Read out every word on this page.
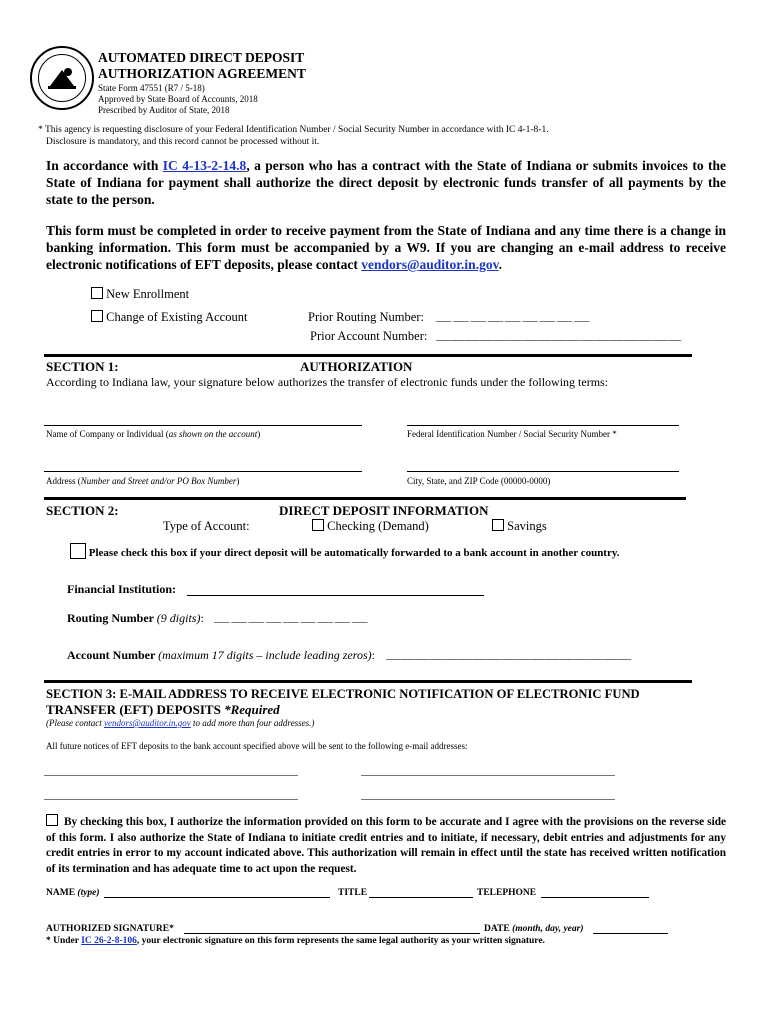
AUTOMATED DIRECT DEPOSIT
AUTHORIZATION AGREEMENT
State Form 47551 (R7 / 5-18)
Approved by State Board of Accounts, 2018
Prescribed by Auditor of State, 2018
* This agency is requesting disclosure of your Federal Identification Number / Social Security Number in accordance with IC 4-1-8-1.
Disclosure is mandatory, and this record cannot be processed without it.
In accordance with IC 4-13-2-14.8, a person who has a contract with the State of Indiana or submits invoices to the State of Indiana for payment shall authorize the direct deposit by electronic funds transfer of all payments by the state to the person.
This form must be completed in order to receive payment from the State of Indiana and any time there is a change in banking information. This form must be accompanied by a W9. If you are changing an e-mail address to receive electronic notifications of EFT deposits, please contact vendors@auditor.in.gov.
New Enrollment
Change of Existing Account	Prior Routing Number: ___ ___ ___ ___ ___ ___ ___ ___ ___
Prior Account Number: ___ ___ ___ ___ ___ ___ ___ ___ ___ ___ ___ ___ ___ ___ ___ ___ ___
SECTION 1:	AUTHORIZATION
According to Indiana law, your signature below authorizes the transfer of electronic funds under the following terms:
Name of Company or Individual (as shown on the account)	Federal Identification Number / Social Security Number *
Address (Number and Street and/or PO Box Number)	City, State, and ZIP Code (00000-0000)
SECTION 2:	DIRECT DEPOSIT INFORMATION
Type of Account:	Checking (Demand)	Savings
Please check this box if your direct deposit will be automatically forwarded to a bank account in another country.
Financial Institution:
Routing Number (9 digits): ___ ___ ___ ___ ___ ___ ___ ___ ___
Account Number (maximum 17 digits – include leading zeros): ___ ___ ___ ___ ___ ___ ___ ___ ___ ___ ___ ___ ___ ___ ___ ___ ___
SECTION 3: E-MAIL ADDRESS TO RECEIVE ELECTRONIC NOTIFICATION OF ELECTRONIC FUND
TRANSFER (EFT) DEPOSITS *Required
(Please contact vendors@auditor.in.gov to add more than four addresses.)
All future notices of EFT deposits to the bank account specified above will be sent to the following e-mail addresses:
By checking this box, I authorize the information provided on this form to be accurate and I agree with the provisions on the reverse side of this form. I also authorize the State of Indiana to initiate credit entries and to initiate, if necessary, debit entries and adjustments for any credit entries in error to my account indicated above. This authorization will remain in effect until the state has received written notification of its termination and has adequate time to act upon the request.
NAME (type)	TITLE	TELEPHONE
AUTHORIZED SIGNATURE*	DATE (month, day, year)
* Under IC 26-2-8-106, your electronic signature on this form represents the same legal authority as your written signature.
